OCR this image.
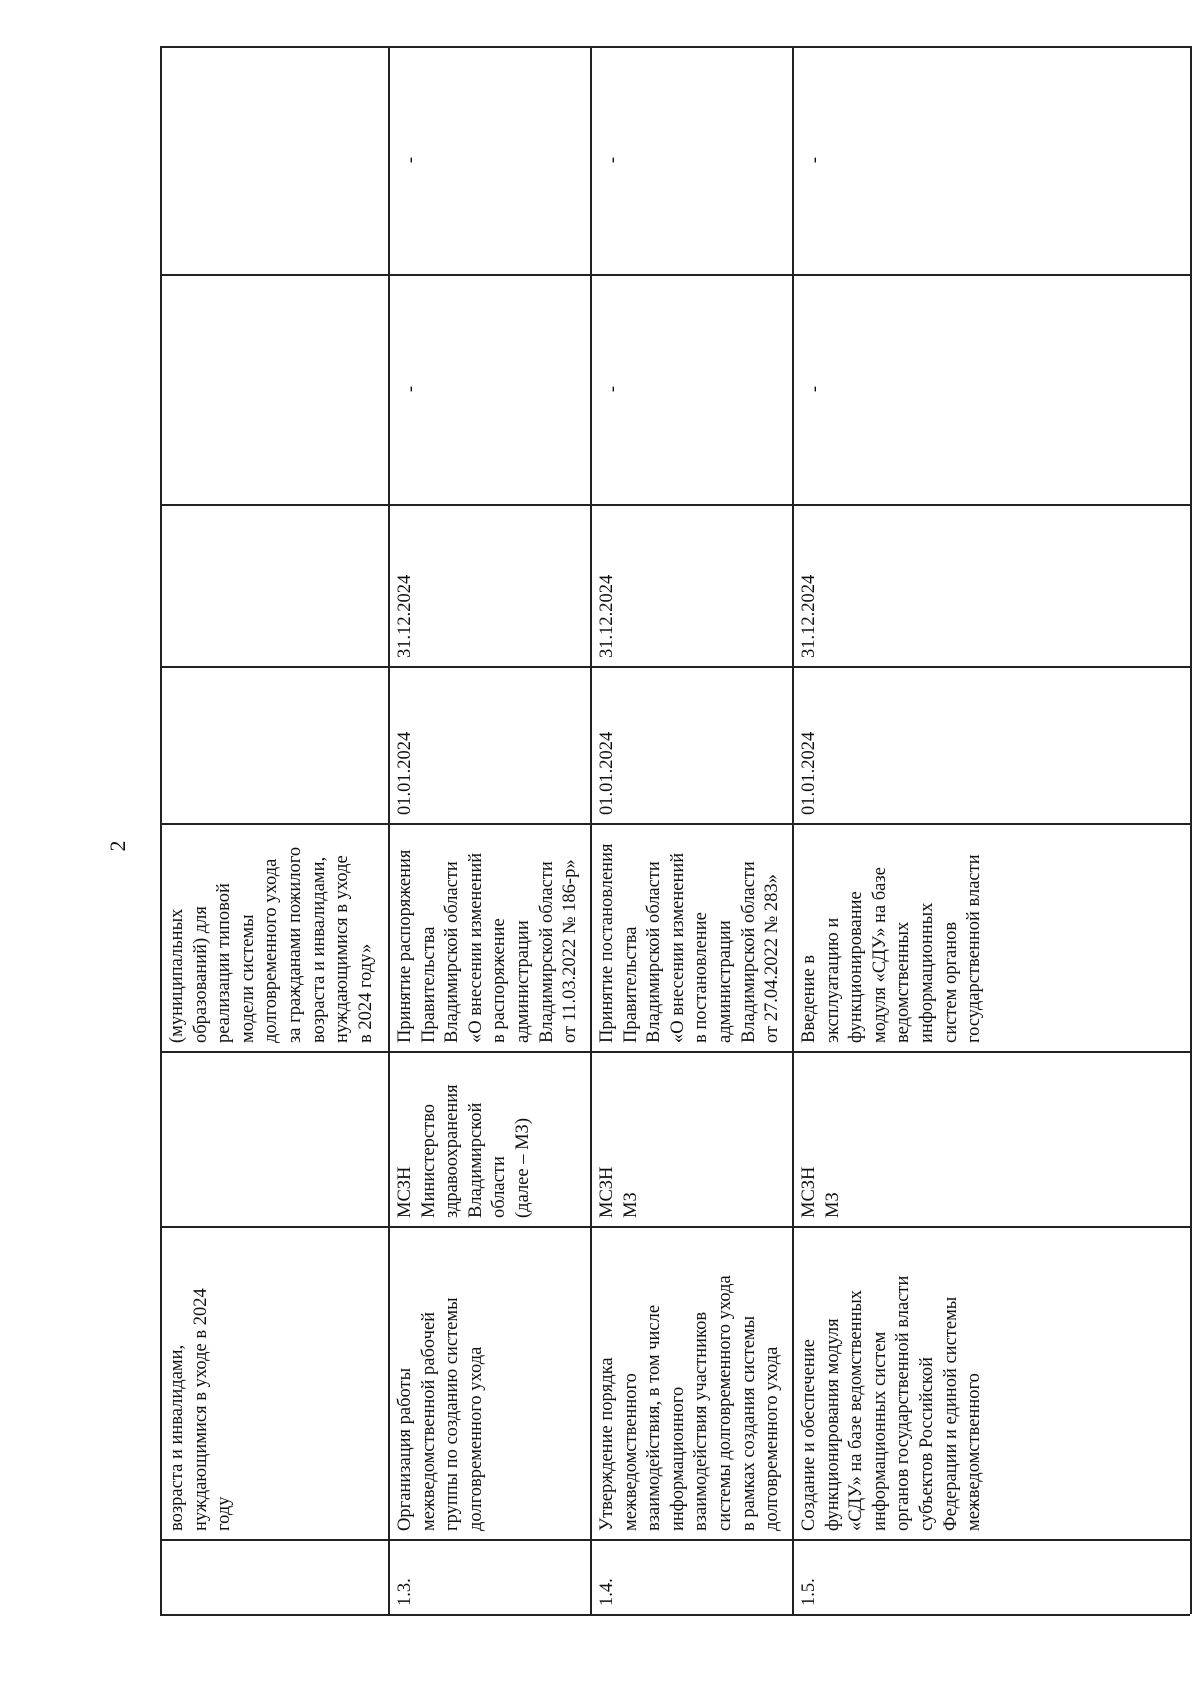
2
возраста и инвалидами, нуждающимися в уходе в 2024 году
(муниципальных образований) для реализации типовой модели системы долговременного ухода за гражданами пожилого возраста и инвалидами, нуждающимися в уходе в 2024 году»
1.3.
Организация работы межведомственной рабочей группы по созданию системы долговременного ухода
МСЗН Министерство здравоохранения Владимирской области (далее – МЗ)
Принятие распоряжения Правительства Владимирской области «О внесении изменений в распоряжение администрации Владимирской области от 11.03.2022 № 186-р»
01.01.2024
31.12.2024
-
-
1.4.
Утверждение порядка межведомственного взаимодействия, в том числе информационного взаимодействия участников системы долговременного ухода в рамках создания системы долговременного ухода
МСЗН МЗ
Принятие постановления Правительства Владимирской области «О внесении изменений в постановление администрации Владимирской области от 27.04.2022 № 283»
01.01.2024
31.12.2024
-
-
1.5.
Создание и обеспечение функционирования модуля «СДУ» на базе ведомственных информационных систем органов государственной власти субъектов Российской Федерации и единой системы межведомственного
МСЗН МЗ
Введение в эксплуатацию и функционирование модуля «СДУ» на базе ведомственных информационных систем органов государственной власти
01.01.2024
31.12.2024
-
-
